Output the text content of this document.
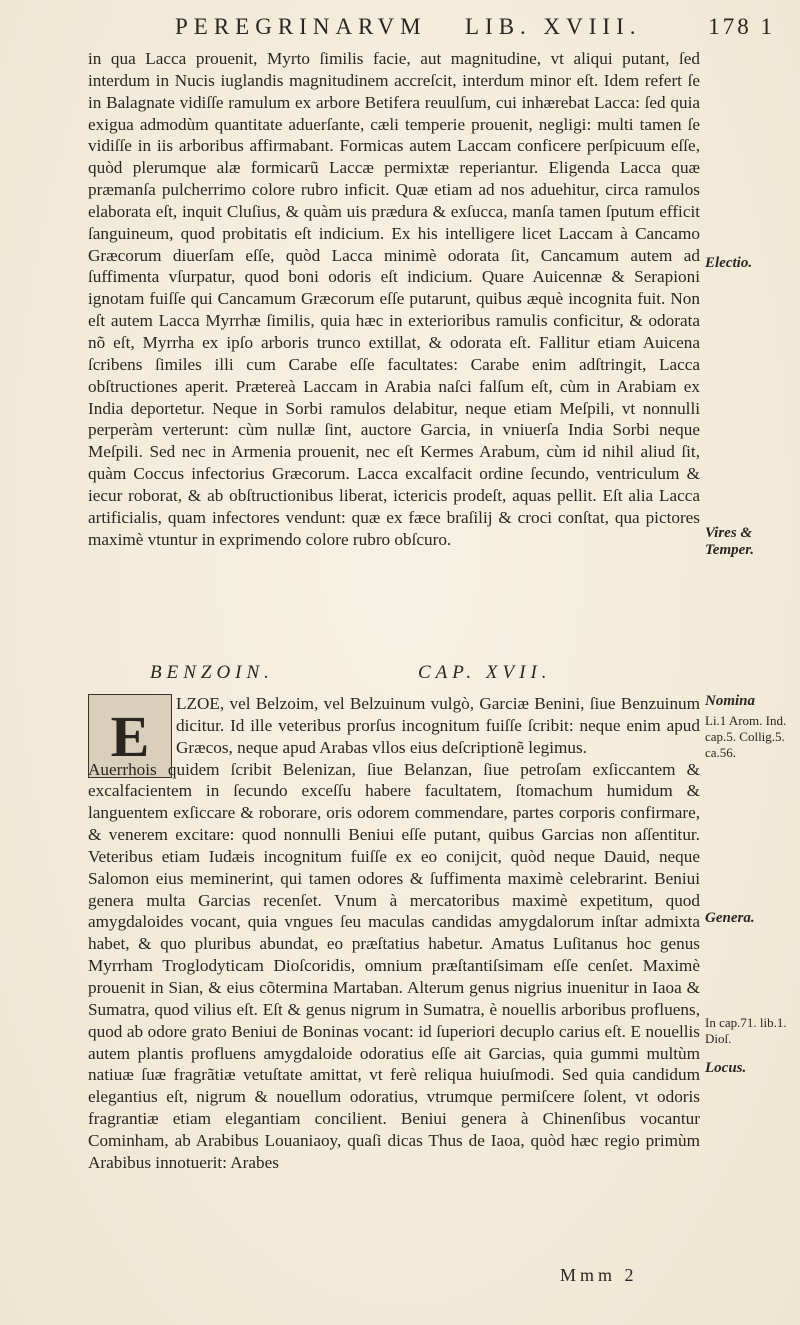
PEREGRINARVM LIB. XVIII.	178 1

in qua Lacca prouenit, Myrto ſimilis facie, aut magnitudine, vt aliqui putant, ſed interdum in Nucis iuglandis magnitudinem accreſcit, interdum minor eſt. Idem refert ſe in Balagnate vidiſſe ramulum ex arbore Betifera reuulſum, cui inhærebat Lacca: ſed quia exigua admodùm quantitate aduerſante, cæli temperie prouenit, negligi: multi tamen ſe vidiſſe in iis arboribus affirmabant. Formicas autem Laccam conficere perſpicuum eſſe, quòd plerumque alæ formicarũ Laccæ permixtæ reperiantur. Eligenda Lacca quæ præmanſa pulcherrimo colore rubro inficit. Quæ etiam ad nos aduehitur, circa ramulos elaborata eſt, inquit Cluſius, & quàm uis prædura & exſucca, manſa tamen ſputum efficit ſanguineum, quod probitatis eſt indicium. Ex his intelligere licet Laccam à Cancamo Græcorum diuerſam eſſe, quòd Lacca minimè odorata ſit, Cancamum autem ad ſuffimenta vſurpatur, quod boni odoris eſt indicium. Quare Auicennæ & Serapioni ignotam fuiſſe qui Cancamum Græcorum eſſe putarunt, quibus æquè incognita fuit. Non eſt autem Lacca Myrrhæ ſimilis, quia hæc in exterioribus ramulis conficitur, & odorata nõ eſt, Myrrha ex ipſo arboris trunco extillat, & odorata eſt. Fallitur etiam Auicena ſcribens ſimiles illi cum Carabe eſſe facultates: Carabe enim adſtringit, Lacca obſtructiones aperit. Prætereà Laccam in Arabia naſci falſum eſt, cùm in Arabiam ex India deportetur. Neque in Sorbi ramulos delabitur, neque etiam Meſpili, vt nonnulli perperàm verterunt: cùm nullæ ſint, auctore Garcia, in vniuerſa India Sorbi neque Meſpili. Sed nec in Armenia prouenit, nec eſt Kermes Arabum, cùm id nihil aliud ſit, quàm Coccus infectorius Græcorum. Lacca excalfacit ordine ſecundo, ventriculum & iecur roborat, & ab obſtructionibus liberat, ictericis prodeſt, aquas pellit. Eſt alia Lacca artificialis, quam infectores vendunt: quæ ex fæce braſilij & croci conſtat, qua pictores maximè vtuntur in exprimendo colore rubro obſcuro.

BENZOIN.	CAP. XVII.
E	LZOE, vel Belzoim, vel Belzuinum vulgò, Garciæ Benini, ſiue Benzuinum dicitur. Id ille veteribus prorſus incognitum fuiſſe ſcribit: neque enim apud Græcos, neque apud Arabas vllos eius deſcriptionẽ legimus.

Auerrhois quidem ſcribit Belenizan, ſiue Belanzan, ſiue petroſam exſiccantem & excalfacientem in ſecundo exceſſu habere facultatem, ſtomachum humidum & languentem exſiccare & roborare, oris odorem commendare, partes corporis confirmare, & venerem excitare: quod nonnulli Beniui eſſe putant, quibus Garcias non aſſentitur. Veteribus etiam Iudæis incognitum fuiſſe ex eo conijcit, quòd neque Dauid, neque Salomon eius meminerint, qui tamen odores & ſuffimenta maximè celebrarint. Beniui genera multa Garcias recenſet. Vnum à mercatoribus maximè expetitum, quod amygdaloides vocant, quia vngues ſeu maculas candidas amygdalorum inſtar admixta habet, & quo pluribus abundat, eo præſtatius habetur. Amatus Luſitanus hoc genus Myrrham Troglodyticam Dioſcoridis, omnium præſtantiſsimam eſſe cenſet. Maximè prouenit in Sian, & eius cõtermina Martaban. Alterum genus nigrius inuenitur in Iaoa & Sumatra, quod vilius eſt. Eſt & genus nigrum in Sumatra, è nouellis arboribus profluens, quod ab odore grato Beniui de Boninas vocant: id ſuperiori decuplo carius eſt. E nouellis autem plantis profluens amygdaloide odoratius eſſe ait Garcias, quia gummi multùm natiuæ ſuæ fragrãtiæ vetuſtate amittat, vt ferè reliqua huiuſmodi. Sed quia candidum elegantius eſt, nigrum & nouellum odoratius, vtrumque permiſcere ſolent, vt odoris fragrantiæ etiam elegantiam concilient. Beniui genera à Chinenſibus vocantur Cominham, ab Arabibus Louaniaoy, quaſi dicas Thus de Iaoa, quòd hæc regio primùm Arabibus innotuerit: Arabes

Electio.
Vires & Temper.
Nomina
Li.1 Arom. Ind. cap.5. Collig.5. ca.56.
Genera.
In cap.71. lib.1. Dioſ.
Locus.
Mmm 2
